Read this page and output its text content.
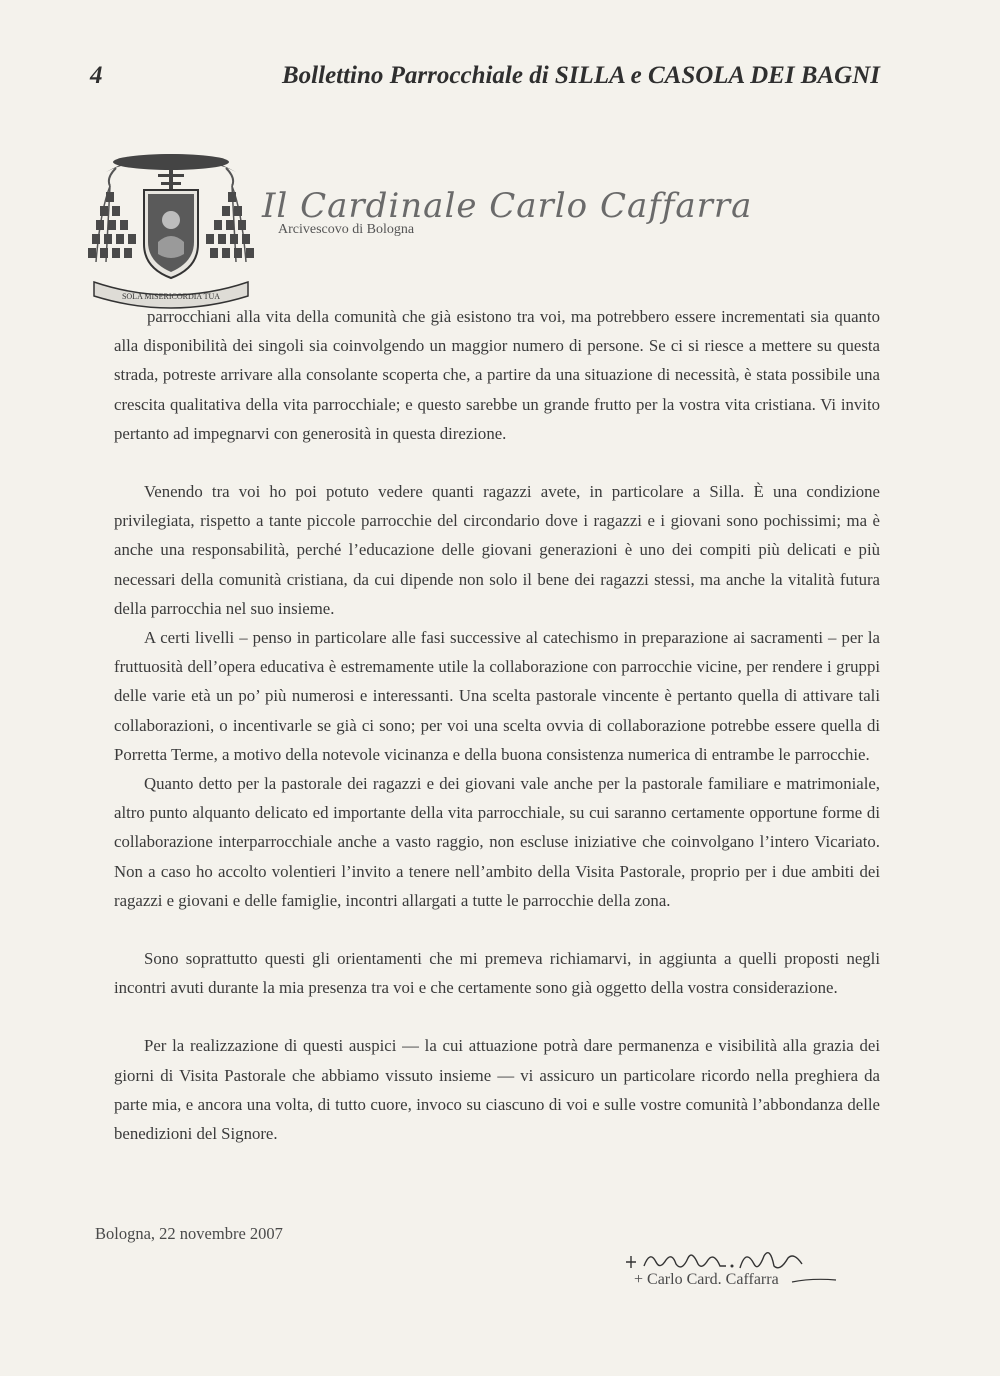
4	Bollettino Parrocchiale di SILLA e CASOLA DEI BAGNI
SOLA MISERICORDIA TUA
Il Cardinale Carlo Caffarra
Arcivescovo di Bologna

parrocchiani alla vita della comunità che già esistono tra voi, ma potrebbero essere incrementati sia quanto alla disponibilità dei singoli sia coinvolgendo un maggior numero di persone. Se ci si riesce a mettere su questa strada, potreste arrivare alla consolante scoperta che, a partire da una situazione di necessità, è stata possibile una crescita qualitativa della vita parrocchiale; e questo sarebbe un grande frutto per la vostra vita cristiana. Vi invito pertanto ad impegnarvi con generosità in questa direzione.

Venendo tra voi ho poi potuto vedere quanti ragazzi avete, in particolare a Silla. È una condizione privilegiata, rispetto a tante piccole parrocchie del circondario dove i ragazzi e i giovani sono pochissimi; ma è anche una responsabilità, perché l’educazione delle giovani generazioni è uno dei compiti più delicati e più necessari della comunità cristiana, da cui dipende non solo il bene dei ragazzi stessi, ma anche la vitalità futura della parrocchia nel suo insieme.

A certi livelli – penso in particolare alle fasi successive al catechismo in preparazione ai sacramenti – per la fruttuosità dell’opera educativa è estremamente utile la collaborazione con parrocchie vicine, per rendere i gruppi delle varie età un po’ più numerosi e interessanti. Una scelta pastorale vincente è pertanto quella di attivare tali collaborazioni, o incentivarle se già ci sono; per voi una scelta ovvia di collaborazione potrebbe essere quella di Porretta Terme, a motivo della notevole vicinanza e della buona consistenza numerica di entrambe le parrocchie.

Quanto detto per la pastorale dei ragazzi e dei giovani vale anche per la pastorale familiare e matrimoniale, altro punto alquanto delicato ed importante della vita parrocchiale, su cui saranno certamente opportune forme di collaborazione interparrocchiale anche a vasto raggio, non escluse iniziative che coinvolgano l’intero Vicariato. Non a caso ho accolto volentieri l’invito a tenere nell’ambito della Visita Pastorale, proprio per i due ambiti dei ragazzi e giovani e delle famiglie, incontri allargati a tutte le parrocchie della zona.

Sono soprattutto questi gli orientamenti che mi premeva richiamarvi, in aggiunta a quelli proposti negli incontri avuti durante la mia presenza tra voi e che certamente sono già oggetto della vostra considerazione.

Per la realizzazione di questi auspici — la cui attuazione potrà dare permanenza e visibilità alla grazia dei giorni di Visita Pastorale che abbiamo vissuto insieme — vi assicuro un particolare ricordo nella preghiera da parte mia, e ancora una volta, di tutto cuore, invoco su ciascuno di voi e sulle vostre comunità l’abbondanza delle benedizioni del Signore.

Bologna, 22 novembre 2007
+ Carlo Card. Caffarra
